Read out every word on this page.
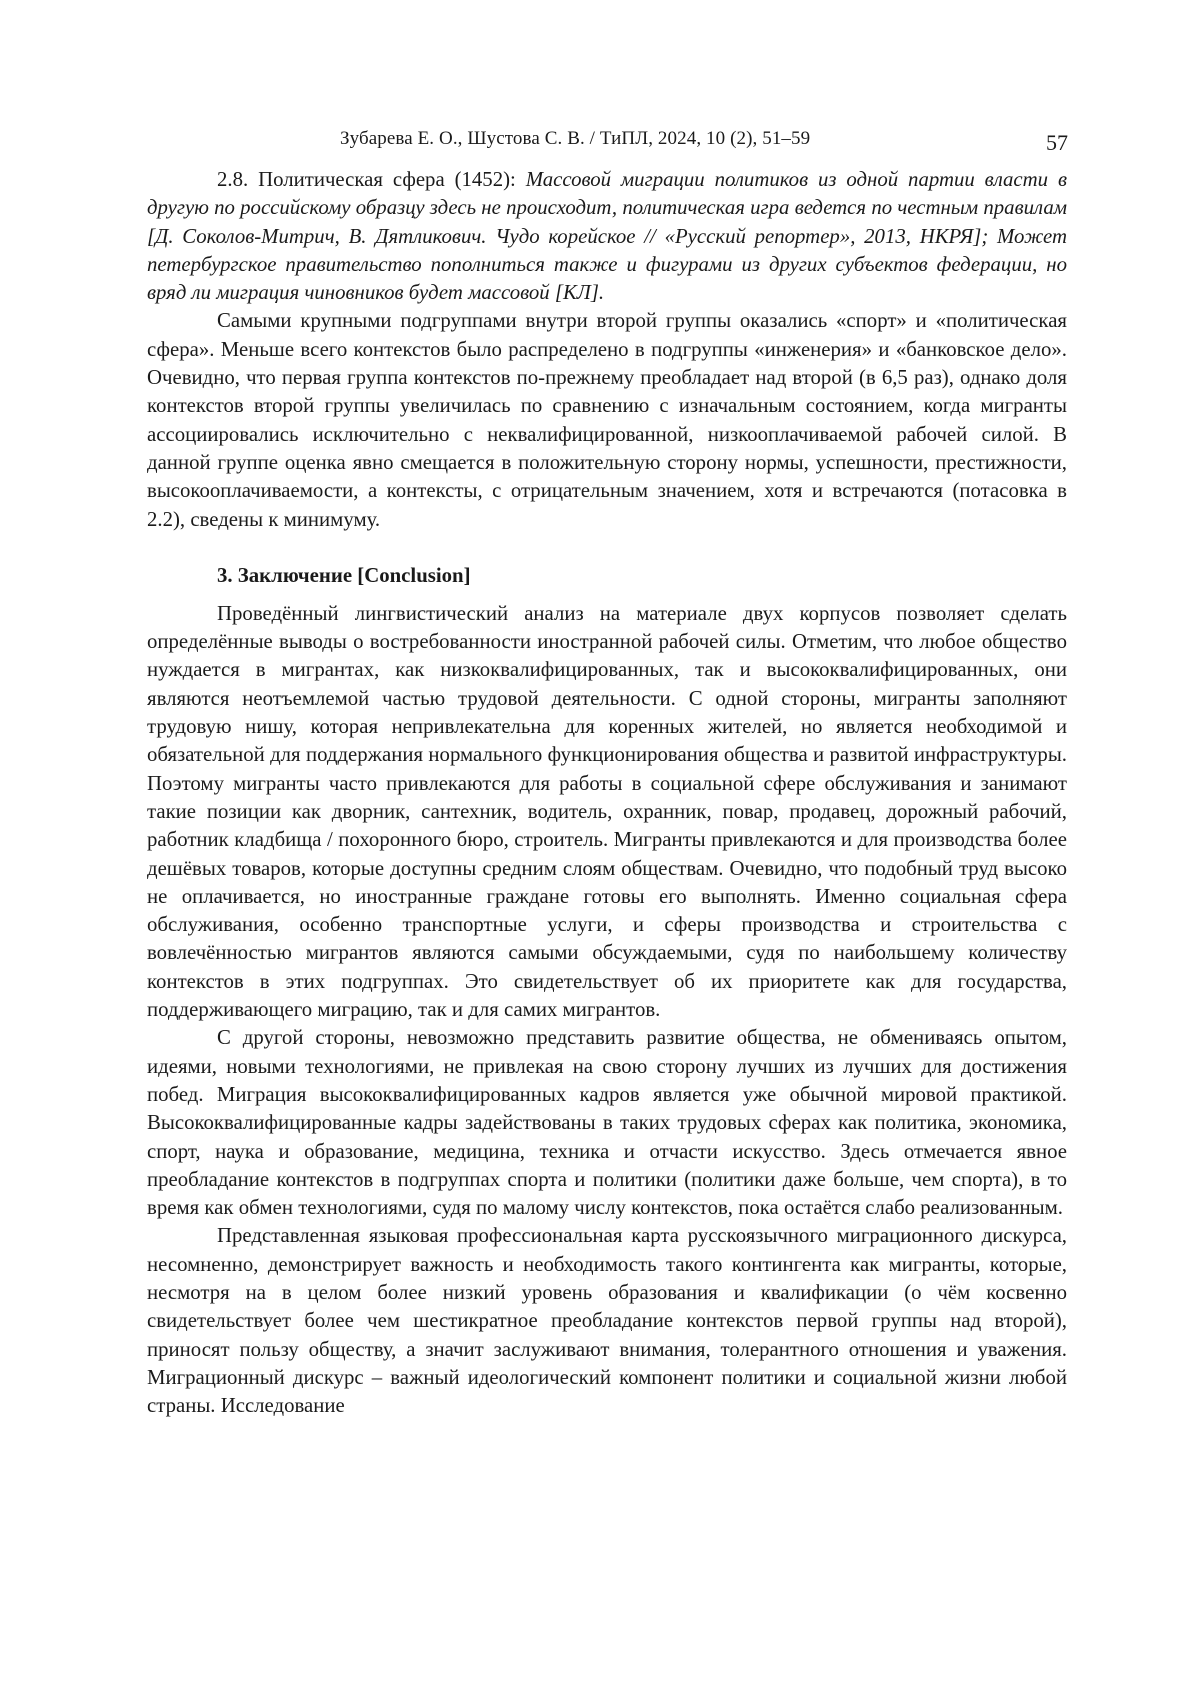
Зубарева Е. О., Шустова С. В. / ТиПЛ, 2024, 10 (2), 51–59	57

2.8. Политическая сфера (1452): Массовой миграции политиков из одной партии власти в другую по российскому образцу здесь не происходит, политическая игра ведется по честным правилам [Д. Соколов-Митрич, В. Дятликович. Чудо корейское // «Русский репортер», 2013, НКРЯ]; Может петербургское правительство пополниться также и фигурами из других субъектов федерации, но вряд ли миграция чиновников будет массовой [КЛ].

Самыми крупными подгруппами внутри второй группы оказались «спорт» и «политическая сфера». Меньше всего контекстов было распределено в подгруппы «инженерия» и «банковское дело». Очевидно, что первая группа контекстов по-прежнему преобладает над второй (в 6,5 раз), однако доля контекстов второй группы увеличилась по сравнению с изначальным состоянием, когда мигранты ассоциировались исключительно с неквалифицированной, низкооплачиваемой рабочей силой. В данной группе оценка явно смещается в положительную сторону нормы, успешности, престижности, высокооплачиваемости, а контексты, с отрицательным значением, хотя и встречаются (потасовка в 2.2), сведены к минимуму.

3. Заключение [Conclusion]

Проведённый лингвистический анализ на материале двух корпусов позволяет сделать определённые выводы о востребованности иностранной рабочей силы. Отметим, что любое общество нуждается в мигрантах, как низкоквалифицированных, так и высококвалифицированных, они являются неотъемлемой частью трудовой деятельности. С одной стороны, мигранты заполняют трудовую нишу, которая непривлекательна для коренных жителей, но является необходимой и обязательной для поддержания нормального функционирования общества и развитой инфраструктуры. Поэтому мигранты часто привлекаются для работы в социальной сфере обслуживания и занимают такие позиции как дворник, сантехник, водитель, охранник, повар, продавец, дорожный рабочий, работник кладбища / похоронного бюро, строитель. Мигранты привлекаются и для производства более дешёвых товаров, которые доступны средним слоям обществам. Очевидно, что подобный труд высоко не оплачивается, но иностранные граждане готовы его выполнять. Именно социальная сфера обслуживания, особенно транспортные услуги, и сферы производства и строительства с вовлечённостью мигрантов являются самыми обсуждаемыми, судя по наибольшему количеству контекстов в этих подгруппах. Это свидетельствует об их приоритете как для государства, поддерживающего миграцию, так и для самих мигрантов.

С другой стороны, невозможно представить развитие общества, не обмениваясь опытом, идеями, новыми технологиями, не привлекая на свою сторону лучших из лучших для достижения побед. Миграция высококвалифицированных кадров является уже обычной мировой практикой. Высококвалифицированные кадры задействованы в таких трудовых сферах как политика, экономика, спорт, наука и образование, медицина, техника и отчасти искусство. Здесь отмечается явное преобладание контекстов в подгруппах спорта и политики (политики даже больше, чем спорта), в то время как обмен технологиями, судя по малому числу контекстов, пока остаётся слабо реализованным.

Представленная языковая профессиональная карта русскоязычного миграционного дискурса, несомненно, демонстрирует важность и необходимость такого контингента как мигранты, которые, несмотря на в целом более низкий уровень образования и квалификации (о чём косвенно свидетельствует более чем шестикратное преобладание контекстов первой группы над второй), приносят пользу обществу, а значит заслуживают внимания, толерантного отношения и уважения. Миграционный дискурс – важный идеологический компонент политики и социальной жизни любой страны. Исследование
